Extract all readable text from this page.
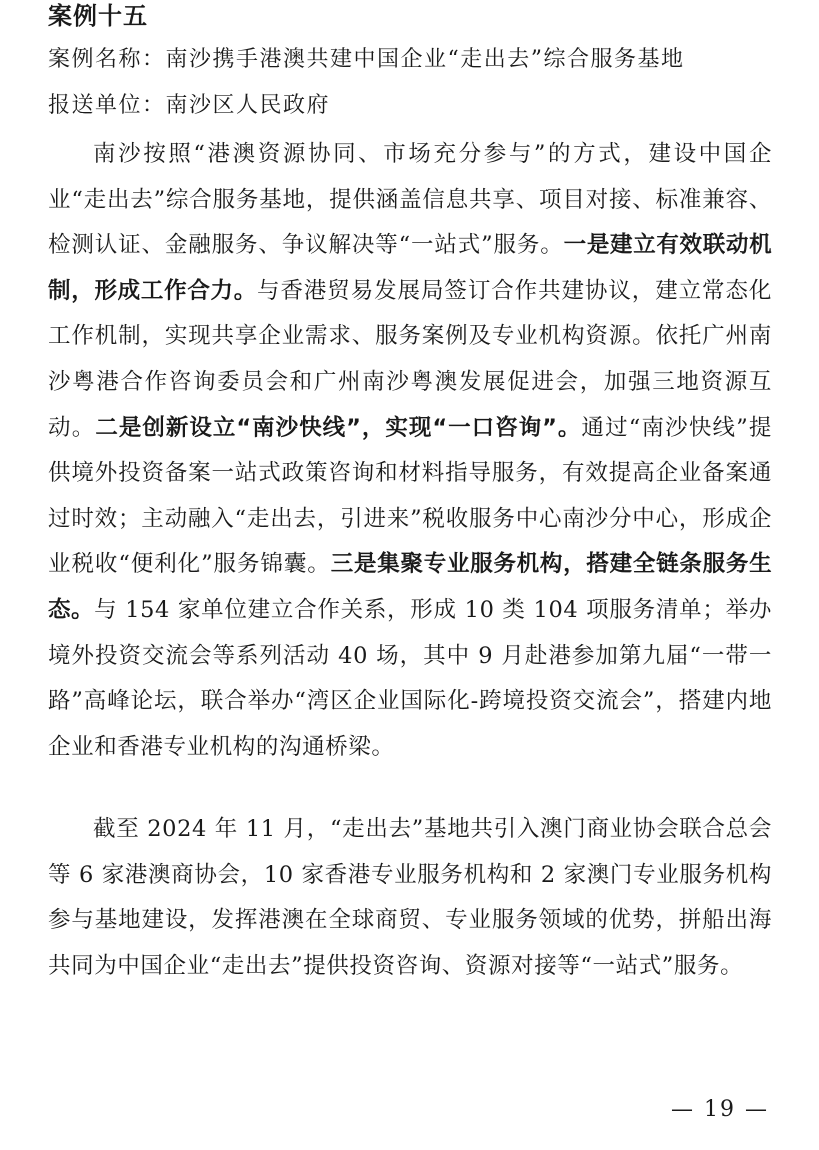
案例十五

案例名称：南沙携手港澳共建中国企业“走出去”综合服务基地

报送单位：南沙区人民政府

南沙按照“港澳资源协同、市场充分参与”的方式，建设中国企业“走出去”综合服务基地，提供涵盖信息共享、项目对接、标准兼容、检测认证、金融服务、争议解决等“一站式”服务。一是建立有效联动机制，形成工作合力。与香港贸易发展局签订合作共建协议，建立常态化工作机制，实现共享企业需求、服务案例及专业机构资源。依托广州南沙粤港合作咨询委员会和广州南沙粤澳发展促进会，加强三地资源互动。二是创新设立“南沙快线”，实现“一口咨询”。通过“南沙快线”提供境外投资备案一站式政策咨询和材料指导服务，有效提高企业备案通过时效；主动融入“走出去，引进来”税收服务中心南沙分中心，形成企业税收“便利化”服务锦囊。三是集聚专业服务机构，搭建全链条服务生态。与 154 家单位建立合作关系，形成 10 类 104 项服务清单；举办境外投资交流会等系列活动 40 场，其中 9 月赴港参加第九届“一带一路”高峰论坛，联合举办“湾区企业国际化-跨境投资交流会”，搭建内地企业和香港专业机构的沟通桥梁。

截至 2024 年 11 月，“走出去”基地共引入澳门商业协会联合总会等 6 家港澳商协会，10 家香港专业服务机构和 2 家澳门专业服务机构参与基地建设，发挥港澳在全球商贸、专业服务领域的优势，拼船出海共同为中国企业“走出去”提供投资咨询、资源对接等“一站式”服务。

— 19 —
